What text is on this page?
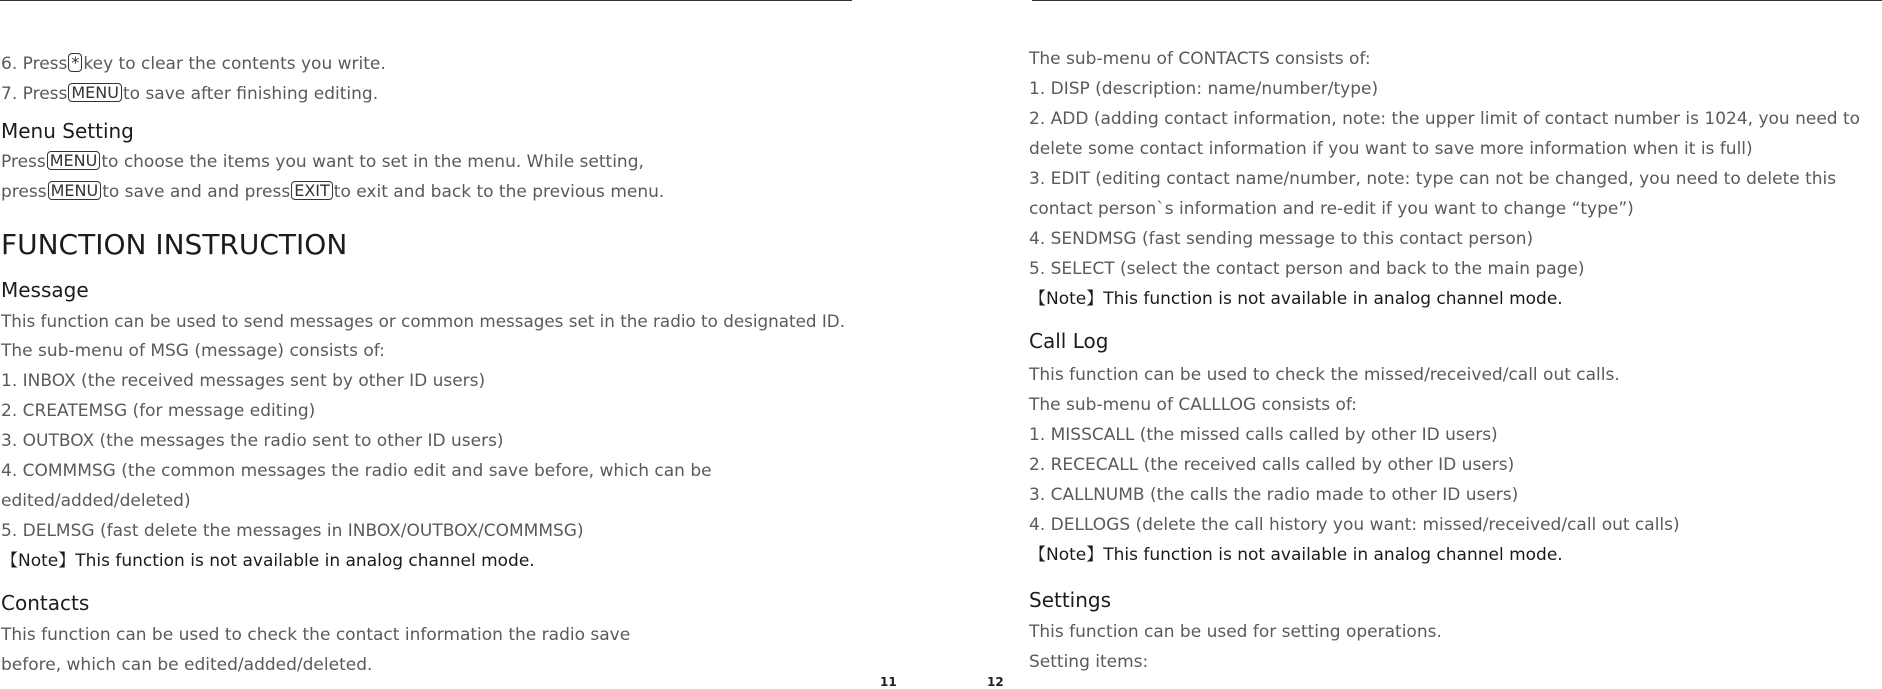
6. Press * key to clear the contents you write.
7. Press MENU to save after finishing editing.
Menu Setting
Press MENU to choose the items you want to set in the menu. While setting,
press MENU to save and and press EXIT to exit and back to the previous menu.
FUNCTION INSTRUCTION
Message
This function can be used to send messages or common messages set in the radio to designated ID.
The sub-menu of MSG (message) consists of:
1. INBOX (the received messages sent by other ID users)
2. CREATEMSG (for message editing)
3. OUTBOX (the messages the radio sent to other ID users)
4. COMMMSG (the common messages the radio edit and save before, which can be
edited/added/deleted)
5. DELMSG (fast delete the messages in INBOX/OUTBOX/COMMMSG)
【Note】This function is not available in analog channel mode.
Contacts
This function can be used to check the contact information the radio save
before, which can be edited/added/deleted.
11
The sub-menu of CONTACTS consists of:
1. DISP (description: name/number/type)
2. ADD (adding contact information, note: the upper limit of contact number is 1024, you need to
delete some contact information if you want to save more information when it is full)
3. EDIT (editing contact name/number, note: type can not be changed, you need to delete this
contact person`s information and re-edit if you want to change “type”)
4. SENDMSG (fast sending message to this contact person)
5. SELECT (select the contact person and back to the main page)
【Note】This function is not available in analog channel mode.
Call Log
This function can be used to check the missed/received/call out calls.
The sub-menu of CALLLOG consists of:
1. MISSCALL (the missed calls called by other ID users)
2. RECECALL (the received calls called by other ID users)
3. CALLNUMB (the calls the radio made to other ID users)
4. DELLOGS (delete the call history you want: missed/received/call out calls)
【Note】This function is not available in analog channel mode.
Settings
This function can be used for setting operations.
Setting items:
12
